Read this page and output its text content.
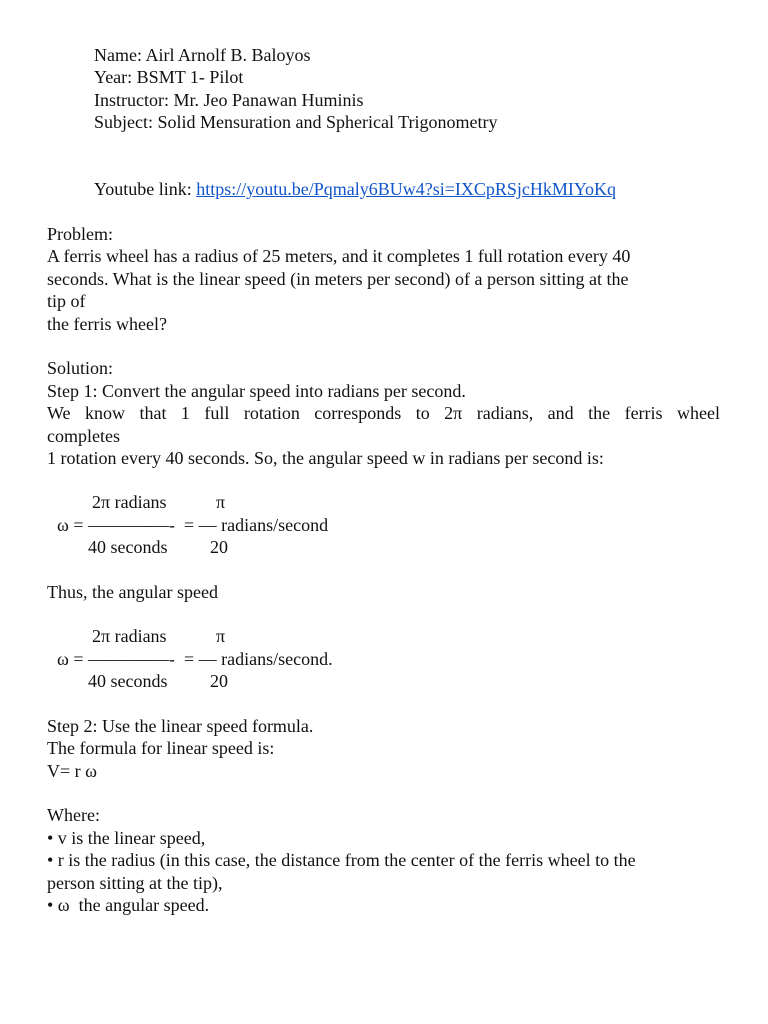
Name: Airl Arnolf B. Baloyos

Year: BSMT 1- Pilot

Instructor: Mr. Jeo Panawan Huminis

Subject: Solid Mensuration and Spherical Trigonometry

Youtube link: https://youtu.be/Pqmaly6BUw4?si=IXCpRSjcHkMIYoKq

Problem:

A ferris wheel has a radius of 25 meters, and it completes 1 full rotation every 40

seconds. What is the linear speed (in meters per second) of a person sitting at the

tip of

the ferris wheel?

Solution:

Step 1: Convert the angular speed into radians per second.

We know that 1 full rotation corresponds to 2π radians, and the ferris wheel

completes

1 rotation every 40 seconds. So, the angular speed w in radians per second is:

2π radians	π
ω = ———–—-  = — radians/second
40 seconds 20

Thus, the angular speed

2π radians	π
ω = ———–—-  = — radians/second.
40 seconds 20

Step 2: Use the linear speed formula.

The formula for linear speed is:

V= r ω

Where:

• v is the linear speed,

• r is the radius (in this case, the distance from the center of the ferris wheel to the

person sitting at the tip),

• ω  the angular speed.
